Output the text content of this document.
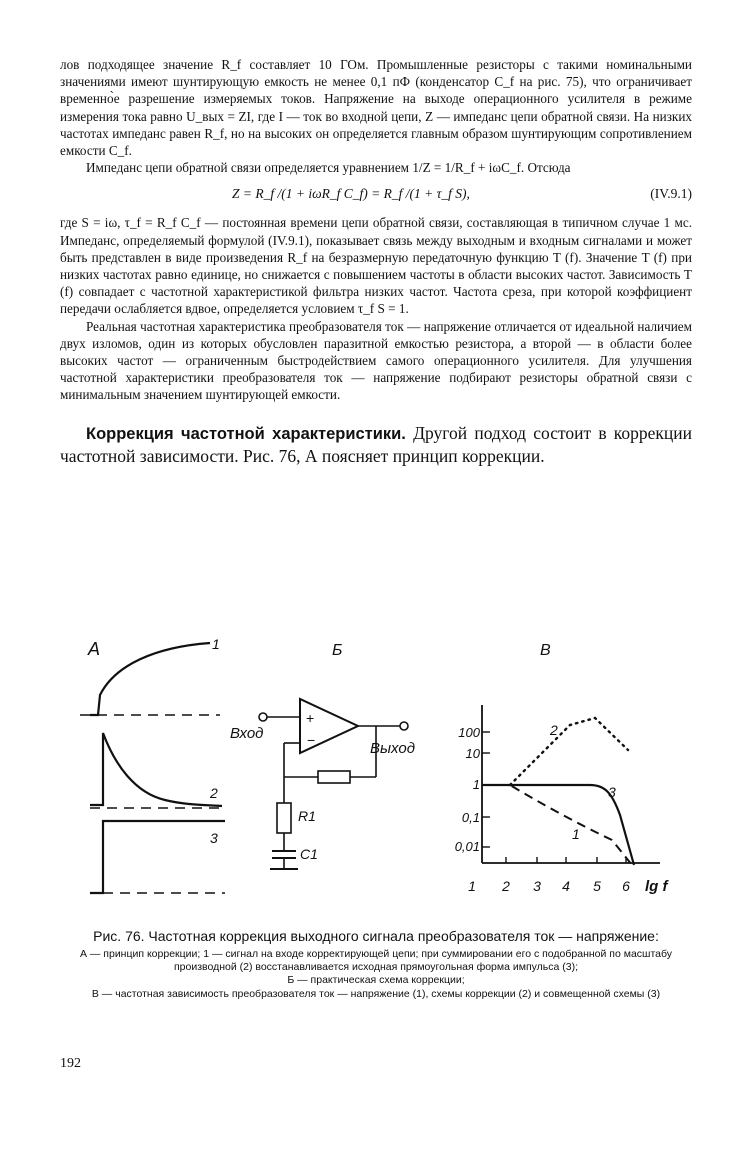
лов подходящее значение R_f составляет 10 ГОм. Промышленные резисторы с такими номинальными значениями имеют шунтирующую емкость не менее 0,1 пФ (конденсатор C_f на рис. 75), что ограничивает временно̀е разрешение измеряемых токов. Напряжение на выходе операционного усилителя в режиме измерения тока равно U_вых = ZI, где I — ток во входной цепи, Z — импеданс цепи обратной связи. На низких частотах импеданс равен R_f, но на высоких он определяется главным образом шунтирующим сопротивлением емкости C_f.

Импеданс цепи обратной связи определяется уравнением 1/Z = 1/R_f + iωC_f. Отсюда

Z = R_f /(1 + iωR_f C_f) = R_f /(1 + τ_f S),	(IV.9.1)

где S = iω, τ_f = R_f C_f — постоянная времени цепи обратной связи, составляющая в типичном случае 1 мс. Импеданс, определяемый формулой (IV.9.1), показывает связь между выходным и входным сигналами и может быть представлен в виде произведения R_f на безразмерную передаточную функцию T (f). Значение T (f) при низких частотах равно единице, но снижается с повышением частоты в области высоких частот. Зависимость T (f) совпадает с частотной характеристикой фильтра низких частот. Частота среза, при которой коэффициент передачи ослабляется вдвое, определяется условием τ_f S = 1.

Реальная частотная характеристика преобразователя ток — напряжение отличается от идеальной наличием двух изломов, один из которых обусловлен паразитной емкостью резистора, а второй — в области более высоких частот — ограниченным быстродействием самого операционного усилителя. Для улучшения частотной характеристики преобразователя ток — напряжение подбирают резисторы обратной связи с минимальным значением шунтирующей емкости.

Коррекция частотной характеристики. Другой подход состоит в коррекции частотной зависимости. Рис. 76, А поясняет принцип коррекции.

А	1
2
3
Б
Вход
Выход
+
−
R1
C1
В
100
10
1
0,1
0,01
1 2 3 4 5 6 lg f
2
3
1
Рис. 76. Частотная коррекция выходного сигнала преобразователя ток — напряжение:
А — принцип коррекции; 1 — сигнал на входе корректирующей цепи; при суммировании его с подобранной по масштабу производной (2) восстанавливается исходная прямоугольная форма импульса (3);
Б — практическая схема коррекции;
В — частотная зависимость преобразователя ток — напряжение (1), схемы коррекции (2) и совмещенной схемы (3)
192
